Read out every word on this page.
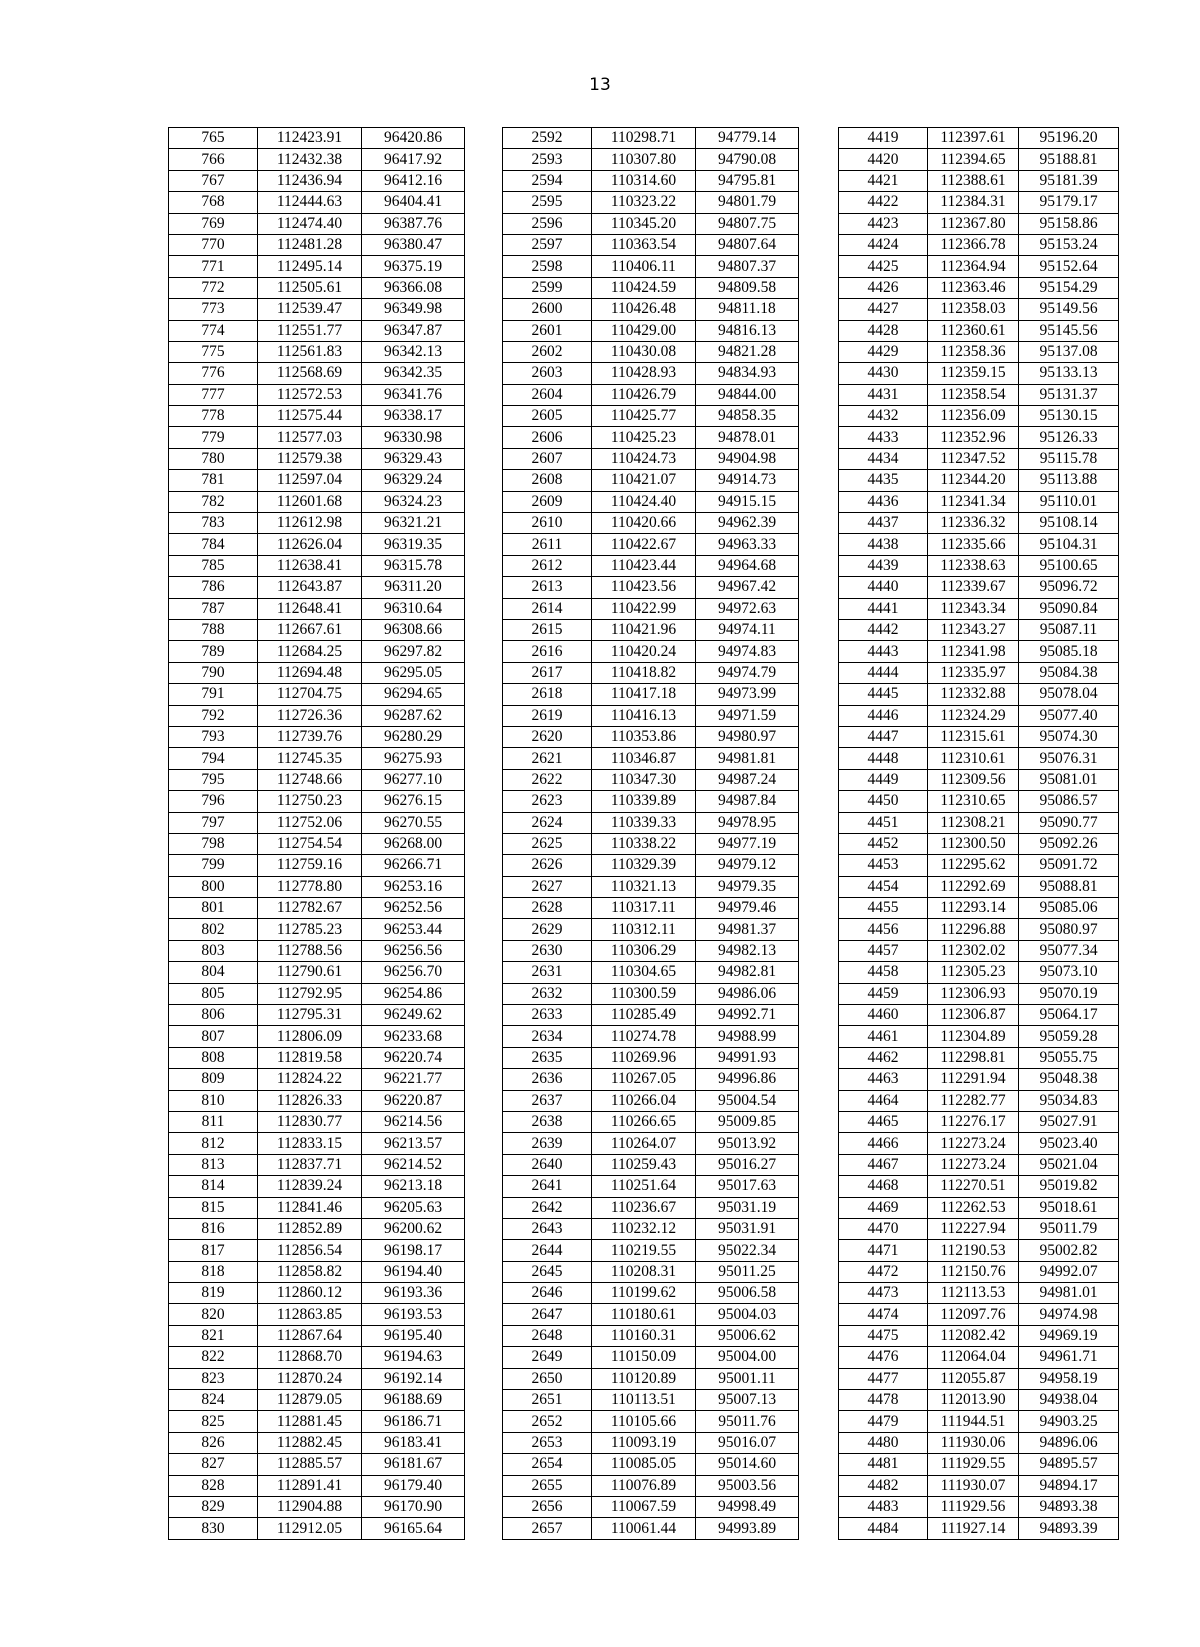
13
765	112423.91	96420.86
766	112432.38	96417.92
767	112436.94	96412.16
768	112444.63	96404.41
769	112474.40	96387.76
770	112481.28	96380.47
771	112495.14	96375.19
772	112505.61	96366.08
773	112539.47	96349.98
774	112551.77	96347.87
775	112561.83	96342.13
776	112568.69	96342.35
777	112572.53	96341.76
778	112575.44	96338.17
779	112577.03	96330.98
780	112579.38	96329.43
781	112597.04	96329.24
782	112601.68	96324.23
783	112612.98	96321.21
784	112626.04	96319.35
785	112638.41	96315.78
786	112643.87	96311.20
787	112648.41	96310.64
788	112667.61	96308.66
789	112684.25	96297.82
790	112694.48	96295.05
791	112704.75	96294.65
792	112726.36	96287.62
793	112739.76	96280.29
794	112745.35	96275.93
795	112748.66	96277.10
796	112750.23	96276.15
797	112752.06	96270.55
798	112754.54	96268.00
799	112759.16	96266.71
800	112778.80	96253.16
801	112782.67	96252.56
802	112785.23	96253.44
803	112788.56	96256.56
804	112790.61	96256.70
805	112792.95	96254.86
806	112795.31	96249.62
807	112806.09	96233.68
808	112819.58	96220.74
809	112824.22	96221.77
810	112826.33	96220.87
811	112830.77	96214.56
812	112833.15	96213.57
813	112837.71	96214.52
814	112839.24	96213.18
815	112841.46	96205.63
816	112852.89	96200.62
817	112856.54	96198.17
818	112858.82	96194.40
819	112860.12	96193.36
820	112863.85	96193.53
821	112867.64	96195.40
822	112868.70	96194.63
823	112870.24	96192.14
824	112879.05	96188.69
825	112881.45	96186.71
826	112882.45	96183.41
827	112885.57	96181.67
828	112891.41	96179.40
829	112904.88	96170.90
830	112912.05	96165.64
2592	110298.71	94779.14
2593	110307.80	94790.08
2594	110314.60	94795.81
2595	110323.22	94801.79
2596	110345.20	94807.75
2597	110363.54	94807.64
2598	110406.11	94807.37
2599	110424.59	94809.58
2600	110426.48	94811.18
2601	110429.00	94816.13
2602	110430.08	94821.28
2603	110428.93	94834.93
2604	110426.79	94844.00
2605	110425.77	94858.35
2606	110425.23	94878.01
2607	110424.73	94904.98
2608	110421.07	94914.73
2609	110424.40	94915.15
2610	110420.66	94962.39
2611	110422.67	94963.33
2612	110423.44	94964.68
2613	110423.56	94967.42
2614	110422.99	94972.63
2615	110421.96	94974.11
2616	110420.24	94974.83
2617	110418.82	94974.79
2618	110417.18	94973.99
2619	110416.13	94971.59
2620	110353.86	94980.97
2621	110346.87	94981.81
2622	110347.30	94987.24
2623	110339.89	94987.84
2624	110339.33	94978.95
2625	110338.22	94977.19
2626	110329.39	94979.12
2627	110321.13	94979.35
2628	110317.11	94979.46
2629	110312.11	94981.37
2630	110306.29	94982.13
2631	110304.65	94982.81
2632	110300.59	94986.06
2633	110285.49	94992.71
2634	110274.78	94988.99
2635	110269.96	94991.93
2636	110267.05	94996.86
2637	110266.04	95004.54
2638	110266.65	95009.85
2639	110264.07	95013.92
2640	110259.43	95016.27
2641	110251.64	95017.63
2642	110236.67	95031.19
2643	110232.12	95031.91
2644	110219.55	95022.34
2645	110208.31	95011.25
2646	110199.62	95006.58
2647	110180.61	95004.03
2648	110160.31	95006.62
2649	110150.09	95004.00
2650	110120.89	95001.11
2651	110113.51	95007.13
2652	110105.66	95011.76
2653	110093.19	95016.07
2654	110085.05	95014.60
2655	110076.89	95003.56
2656	110067.59	94998.49
2657	110061.44	94993.89
4419	112397.61	95196.20
4420	112394.65	95188.81
4421	112388.61	95181.39
4422	112384.31	95179.17
4423	112367.80	95158.86
4424	112366.78	95153.24
4425	112364.94	95152.64
4426	112363.46	95154.29
4427	112358.03	95149.56
4428	112360.61	95145.56
4429	112358.36	95137.08
4430	112359.15	95133.13
4431	112358.54	95131.37
4432	112356.09	95130.15
4433	112352.96	95126.33
4434	112347.52	95115.78
4435	112344.20	95113.88
4436	112341.34	95110.01
4437	112336.32	95108.14
4438	112335.66	95104.31
4439	112338.63	95100.65
4440	112339.67	95096.72
4441	112343.34	95090.84
4442	112343.27	95087.11
4443	112341.98	95085.18
4444	112335.97	95084.38
4445	112332.88	95078.04
4446	112324.29	95077.40
4447	112315.61	95074.30
4448	112310.61	95076.31
4449	112309.56	95081.01
4450	112310.65	95086.57
4451	112308.21	95090.77
4452	112300.50	95092.26
4453	112295.62	95091.72
4454	112292.69	95088.81
4455	112293.14	95085.06
4456	112296.88	95080.97
4457	112302.02	95077.34
4458	112305.23	95073.10
4459	112306.93	95070.19
4460	112306.87	95064.17
4461	112304.89	95059.28
4462	112298.81	95055.75
4463	112291.94	95048.38
4464	112282.77	95034.83
4465	112276.17	95027.91
4466	112273.24	95023.40
4467	112273.24	95021.04
4468	112270.51	95019.82
4469	112262.53	95018.61
4470	112227.94	95011.79
4471	112190.53	95002.82
4472	112150.76	94992.07
4473	112113.53	94981.01
4474	112097.76	94974.98
4475	112082.42	94969.19
4476	112064.04	94961.71
4477	112055.87	94958.19
4478	112013.90	94938.04
4479	111944.51	94903.25
4480	111930.06	94896.06
4481	111929.55	94895.57
4482	111930.07	94894.17
4483	111929.56	94893.38
4484	111927.14	94893.39
